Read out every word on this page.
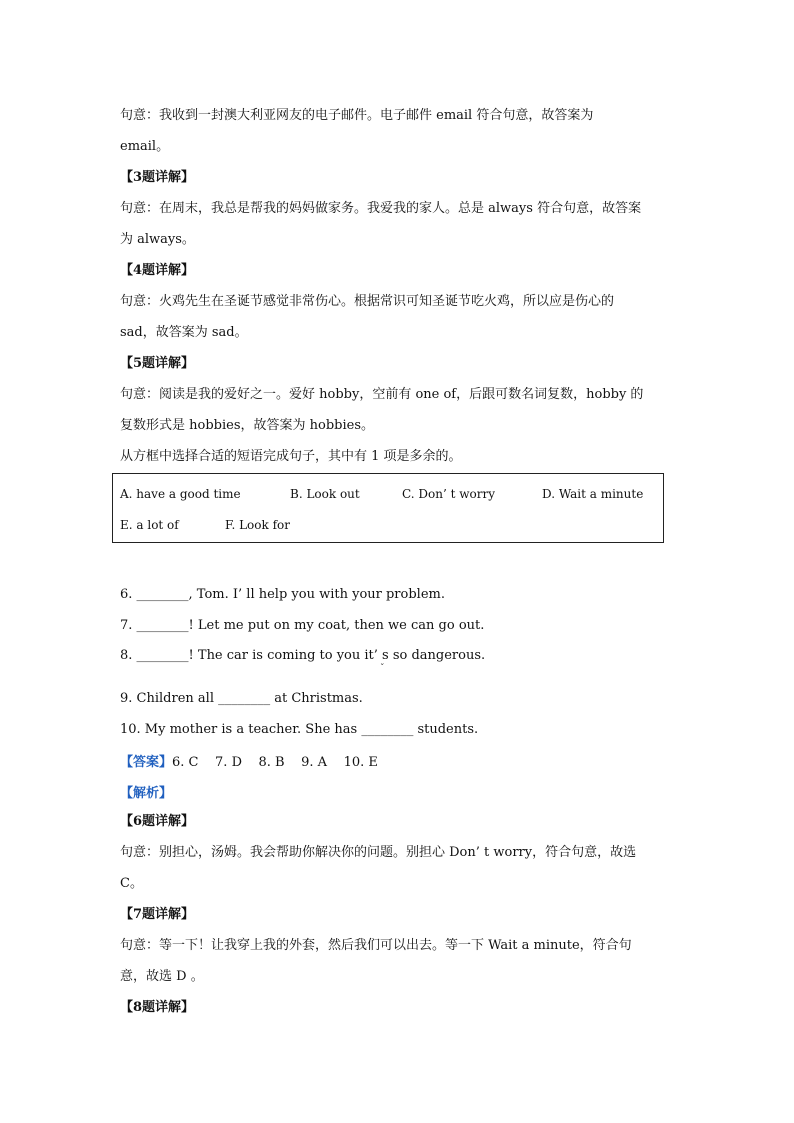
句意：我收到一封澳大利亚网友的电子邮件。电子邮件 email 符合句意，故答案为
email。
【3题详解】
句意：在周末，我总是帮我的妈妈做家务。我爱我的家人。总是 always 符合句意，故答案
为 always。
【4题详解】
句意：火鸡先生在圣诞节感觉非常伤心。根据常识可知圣诞节吃火鸡，所以应是伤心的
sad，故答案为 sad。
【5题详解】
句意：阅读是我的爱好之一。爱好 hobby，空前有 one of，后跟可数名词复数，hobby 的
复数形式是 hobbies，故答案为 hobbies。
从方框中选择合适的短语完成句子，其中有 1 项是多余的。
A. have a good time	B. Look out	C. Don’ t worry	D. Wait a minute
E. a lot of	F. Look for
6. ________, Tom. I’ ll help you with your problem.
7. ________! Let me put on my coat, then we can go out.
8. ________! The car is coming to you it’ s so dangerous.
ˇ
9. Children all ________ at Christmas.
10. My mother is a teacher. She has ________ students.
【答案】6. C    7. D    8. B    9. A    10. E
【解析】
【6题详解】
句意：别担心，汤姆。我会帮助你解决你的问题。别担心 Don’ t worry，符合句意，故选
C。
【7题详解】
句意：等一下！让我穿上我的外套，然后我们可以出去。等一下 Wait a minute，符合句
意，故选 D 。
【8题详解】
